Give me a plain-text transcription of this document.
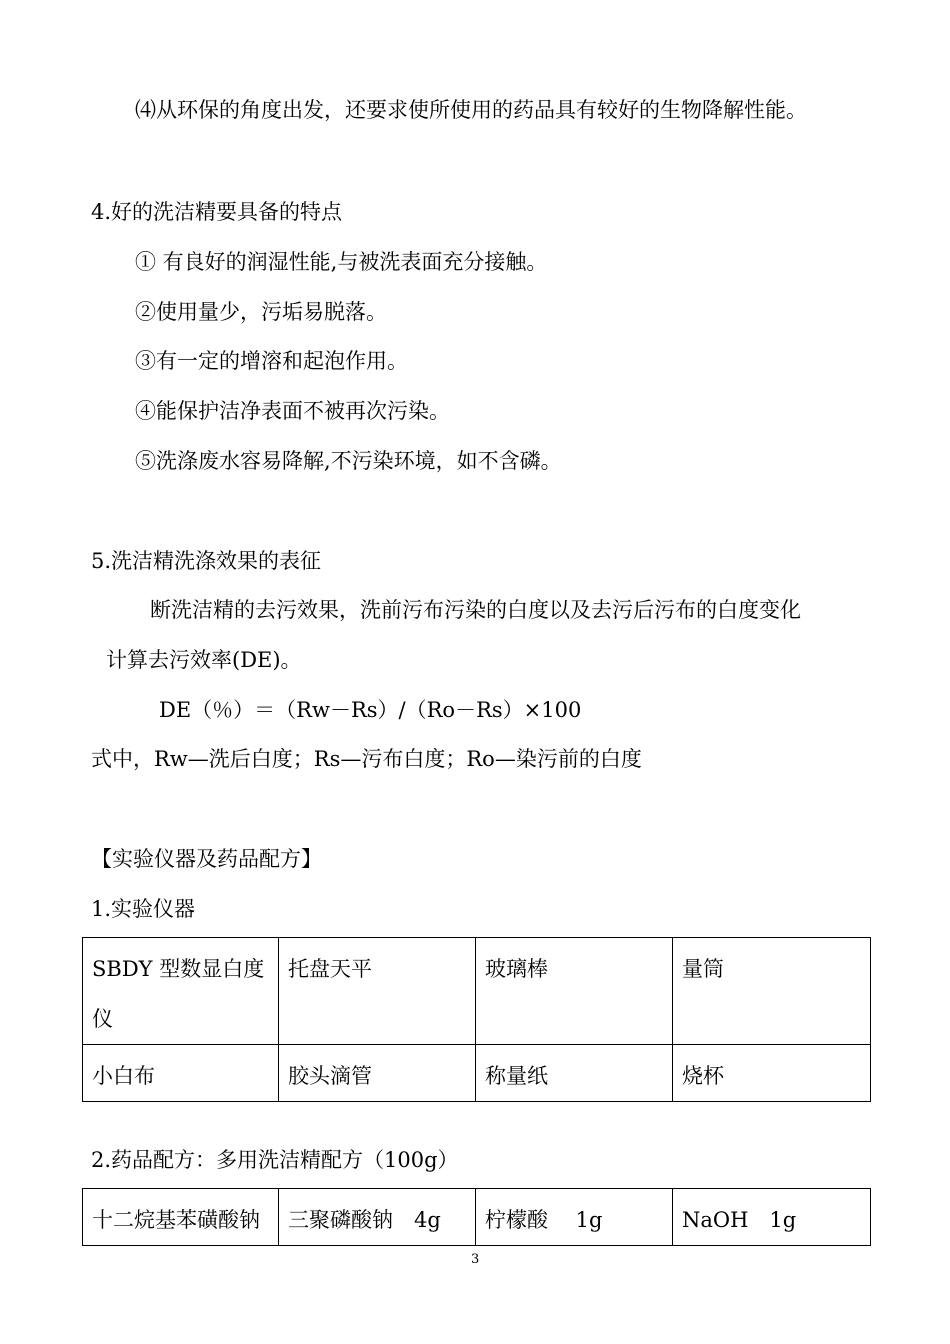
⑷从环保的角度出发，还要求使所使用的药品具有较好的生物降解性能。
4.好的洗洁精要具备的特点
① 有良好的润湿性能,与被洗表面充分接触。
②使用量少，污垢易脱落。
③有一定的增溶和起泡作用。
④能保护洁净表面不被再次污染。
⑤洗涤废水容易降解,不污染环境，如不含磷。
5.洗洁精洗涤效果的表征
断洗洁精的去污效果，洗前污布污染的白度以及去污后污布的白度变化
计算去污效率(DE)。
DE（％）＝（Rw－Rs）/（Ro－Rs）×100
式中，Rw—洗后白度；Rs—污布白度；Ro—染污前的白度
【实验仪器及药品配方】
1.实验仪器
SBDY 型数显白度仪	托盘天平	玻璃棒	量筒
小白布	胶头滴管	称量纸	烧杯
2.药品配方：多用洗洁精配方（100g）
十二烷基苯磺酸钠	三聚磷酸钠　4g	柠檬酸　 1g	NaOH　1g
3
